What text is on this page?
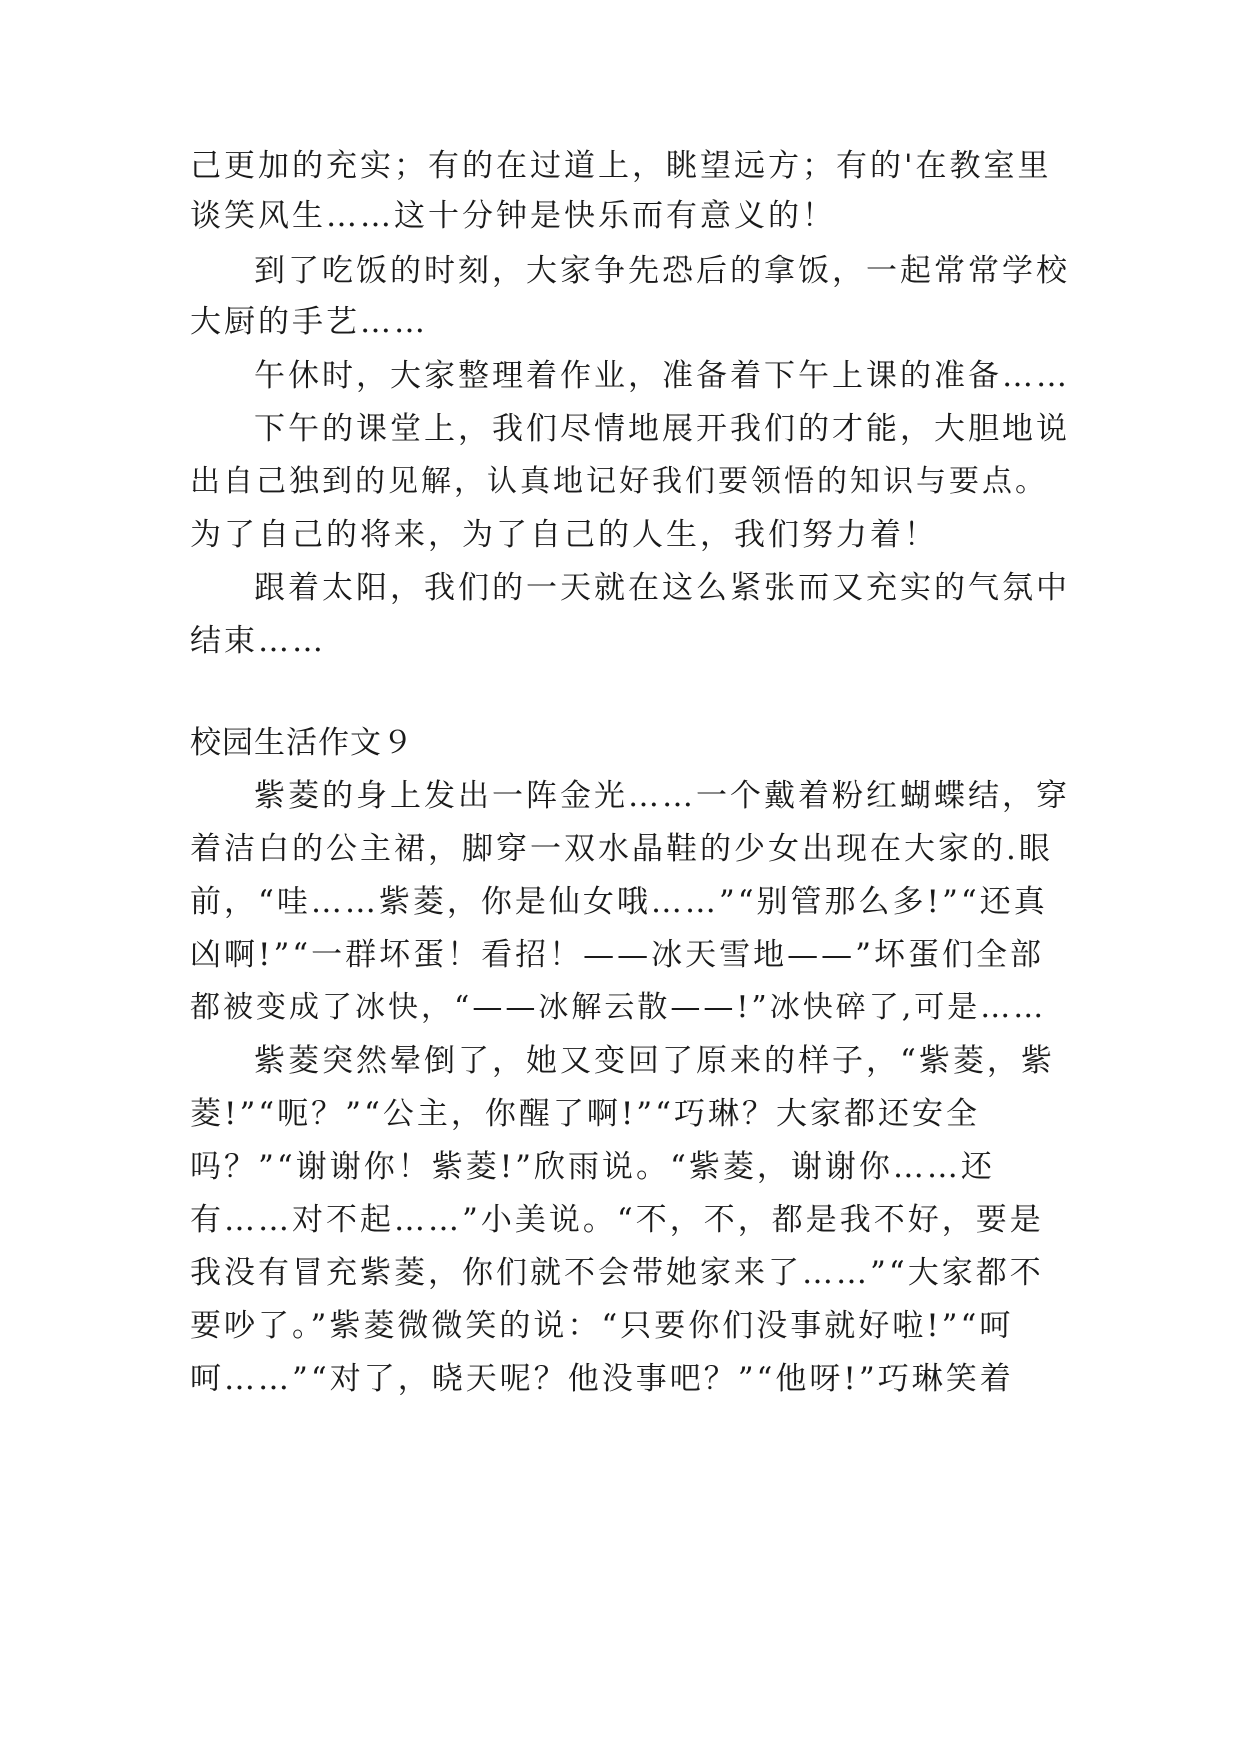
己更加的充实；有的在过道上，眺望远方；有的'在教室里
谈笑风生……这十分钟是快乐而有意义的！
到了吃饭的时刻，大家争先恐后的拿饭，一起常常学校
大厨的手艺……
午休时，大家整理着作业，准备着下午上课的准备……
下午的课堂上，我们尽情地展开我们的才能，大胆地说
出自己独到的见解，认真地记好我们要领悟的知识与要点。
为了自己的将来，为了自己的人生，我们努力着！
跟着太阳，我们的一天就在这么紧张而又充实的气氛中
结束……
校园生活作文９
紫菱的身上发出一阵金光……一个戴着粉红蝴蝶结，穿
着洁白的公主裙，脚穿一双水晶鞋的少女出现在大家的.眼
前，“哇……紫菱，你是仙女哦……”“别管那么多!”“还真
凶啊!”“一群坏蛋！看招！——冰天雪地——”坏蛋们全部
都被变成了冰快，“——冰解云散——!”冰快碎了,可是……
紫菱突然晕倒了，她又变回了原来的样子，“紫菱，紫
菱!”“呃？”“公主，你醒了啊!”“巧琳？大家都还安全
吗？”“谢谢你！紫菱!”欣雨说。“紫菱，谢谢你……还
有……对不起……”小美说。“不，不，都是我不好，要是
我没有冒充紫菱，你们就不会带她家来了……”“大家都不
要吵了。”紫菱微微笑的说：“只要你们没事就好啦!”“呵
呵……”“对了，晓天呢？他没事吧？”“他呀!”巧琳笑着
